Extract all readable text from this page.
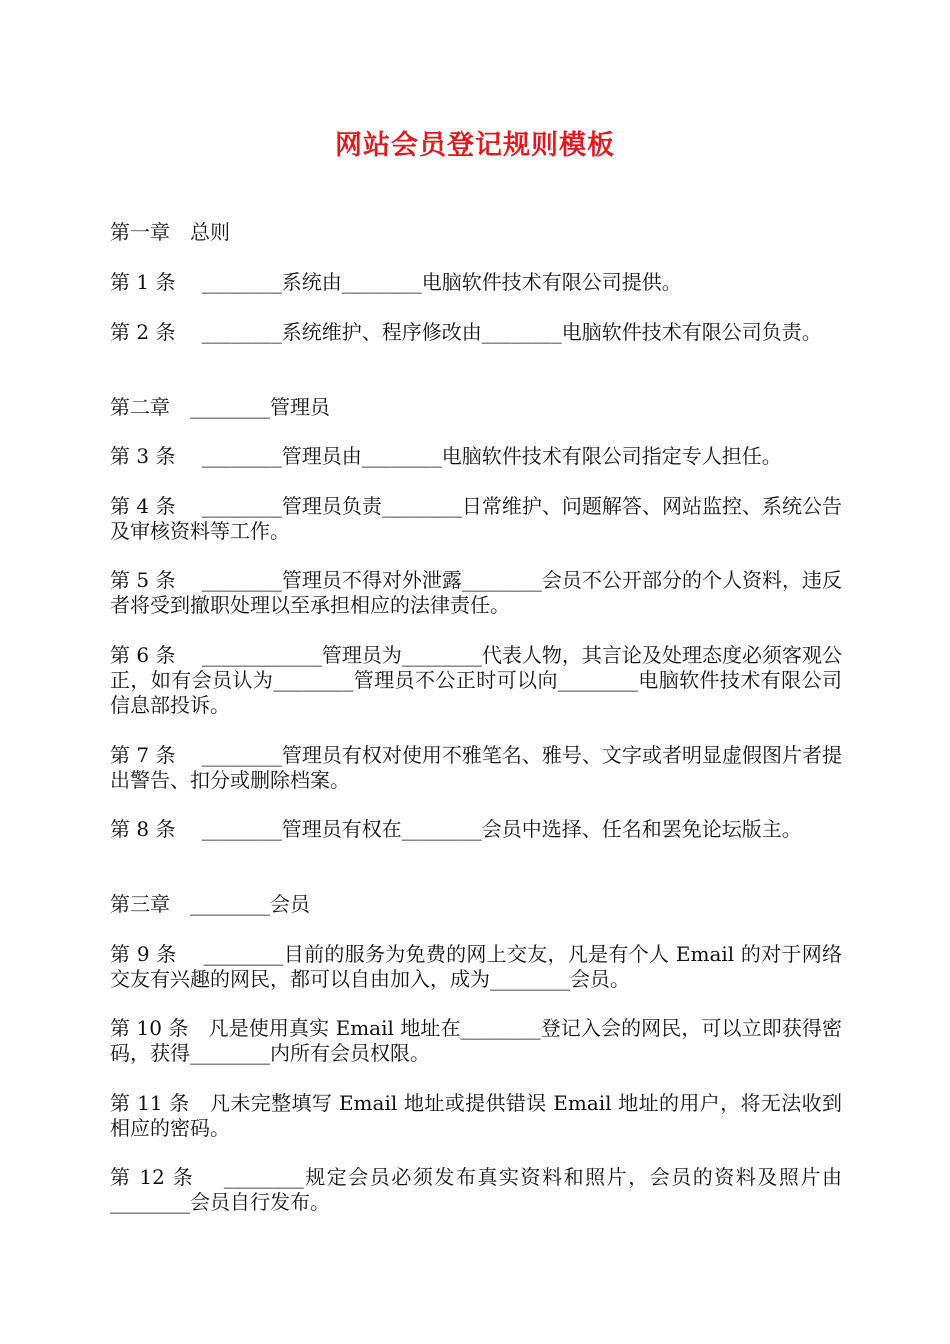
网站会员登记规则模板

第一章　总则

第 1 条　 ________系统由________电脑软件技术有限公司提供。

第 2 条　 ________系统维护、程序修改由________电脑软件技术有限公司负责。

第二章　________管理员

第 3 条　 ________管理员由________电脑软件技术有限公司指定专人担任。

第 4 条　 ________管理员负责________日常维护、问题解答、网站监控、系统公告及审核资料等工作。

第 5 条　 ________管理员不得对外泄露________会员不公开部分的个人资料，违反者将受到撤职处理以至承担相应的法律责任。

第 6 条　 ____________管理员为________代表人物，其言论及处理态度必须客观公正，如有会员认为________管理员不公正时可以向________电脑软件技术有限公司信息部投诉。

第 7 条　 ________管理员有权对使用不雅笔名、雅号、文字或者明显虚假图片者提出警告、扣分或删除档案。

第 8 条　 ________管理员有权在________会员中选择、任名和罢免论坛版主。

第三章　________会员

第 9 条　 ________目前的服务为免费的网上交友，凡是有个人 Email 的对于网络交友有兴趣的网民，都可以自由加入，成为________会员。

第 10 条　凡是使用真实 Email 地址在________登记入会的网民，可以立即获得密码，获得________内所有会员权限。

第 11 条　凡未完整填写 Email 地址或提供错误 Email 地址的用户，将无法收到相应的密码。

第 12 条　 ________规定会员必须发布真实资料和照片，会员的资料及照片由________会员自行发布。
